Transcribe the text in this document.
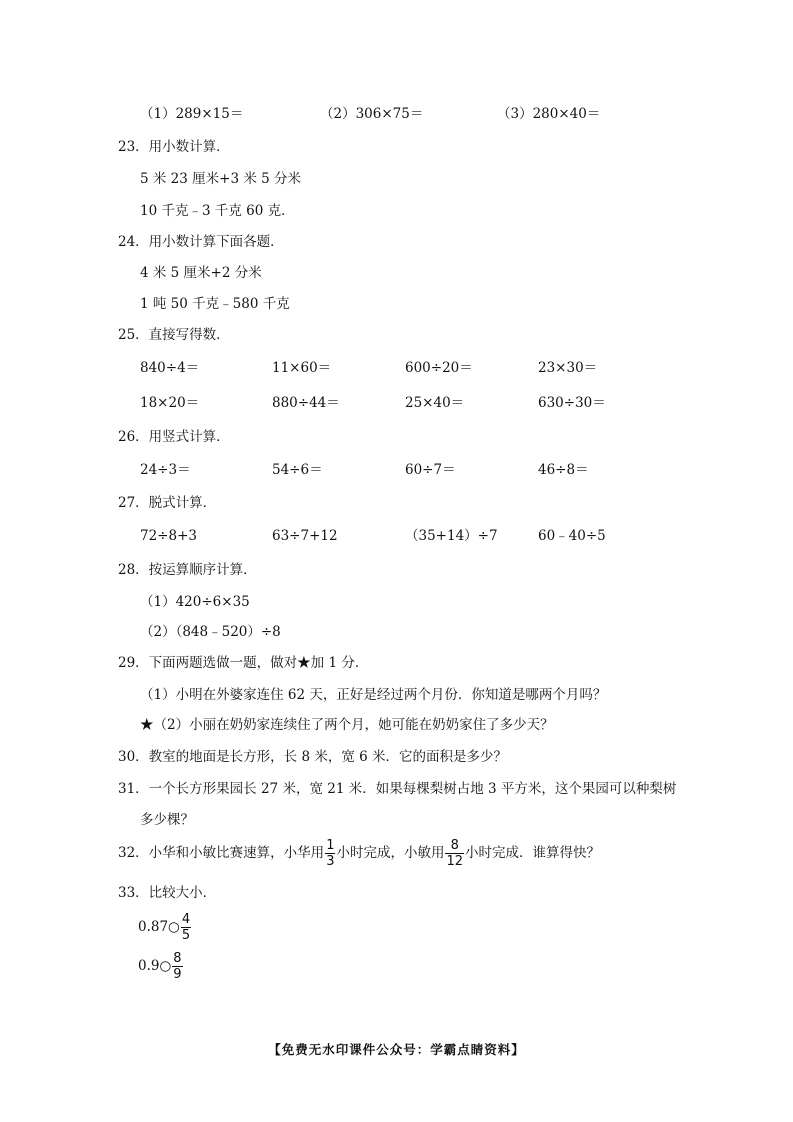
（1）289×15＝	（2）306×75＝	（3）280×40＝
23．用小数计算．
5 米 23 厘米+3 米 5 分米
10 千克﹣3 千克 60 克．
24．用小数计算下面各题．
4 米 5 厘米+2 分米
1 吨 50 千克﹣580 千克
25．直接写得数．
840÷4＝	11×60＝	600÷20＝	23×30＝
18×20＝	880÷44＝	25×40＝	630÷30＝
26．用竖式计算．
24÷3＝	54÷6＝	60÷7＝	46÷8＝
27．脱式计算．
72÷8+3	63÷7+12	（35+14）÷7	60﹣40÷5
28．按运算顺序计算．
（1）420÷6×35
（2）（848﹣520）÷8
29．下面两题选做一题，做对★加 1 分．
（1）小明在外婆家连住 62 天，正好是经过两个月份．你知道是哪两个月吗？
★（2）小丽在奶奶家连续住了两个月，她可能在奶奶家住了多少天？
30．教室的地面是长方形，长 8 米，宽 6 米．它的面积是多少？
31．一个长方形果园长 27 米，宽 21 米．如果每棵梨树占地 3 平方米，这个果园可以种梨树
多少棵？
32．小华和小敏比赛速算，小华用 $\frac{1}{3}$ 小时完成，小敏用 $\frac{8}{12}$ 小时完成．谁算得快？
33．比较大小．
0.87○ $\frac{4}{5}$
0.9○ $\frac{8}{9}$
【免费无水印课件公众号：学霸点睛资料】
